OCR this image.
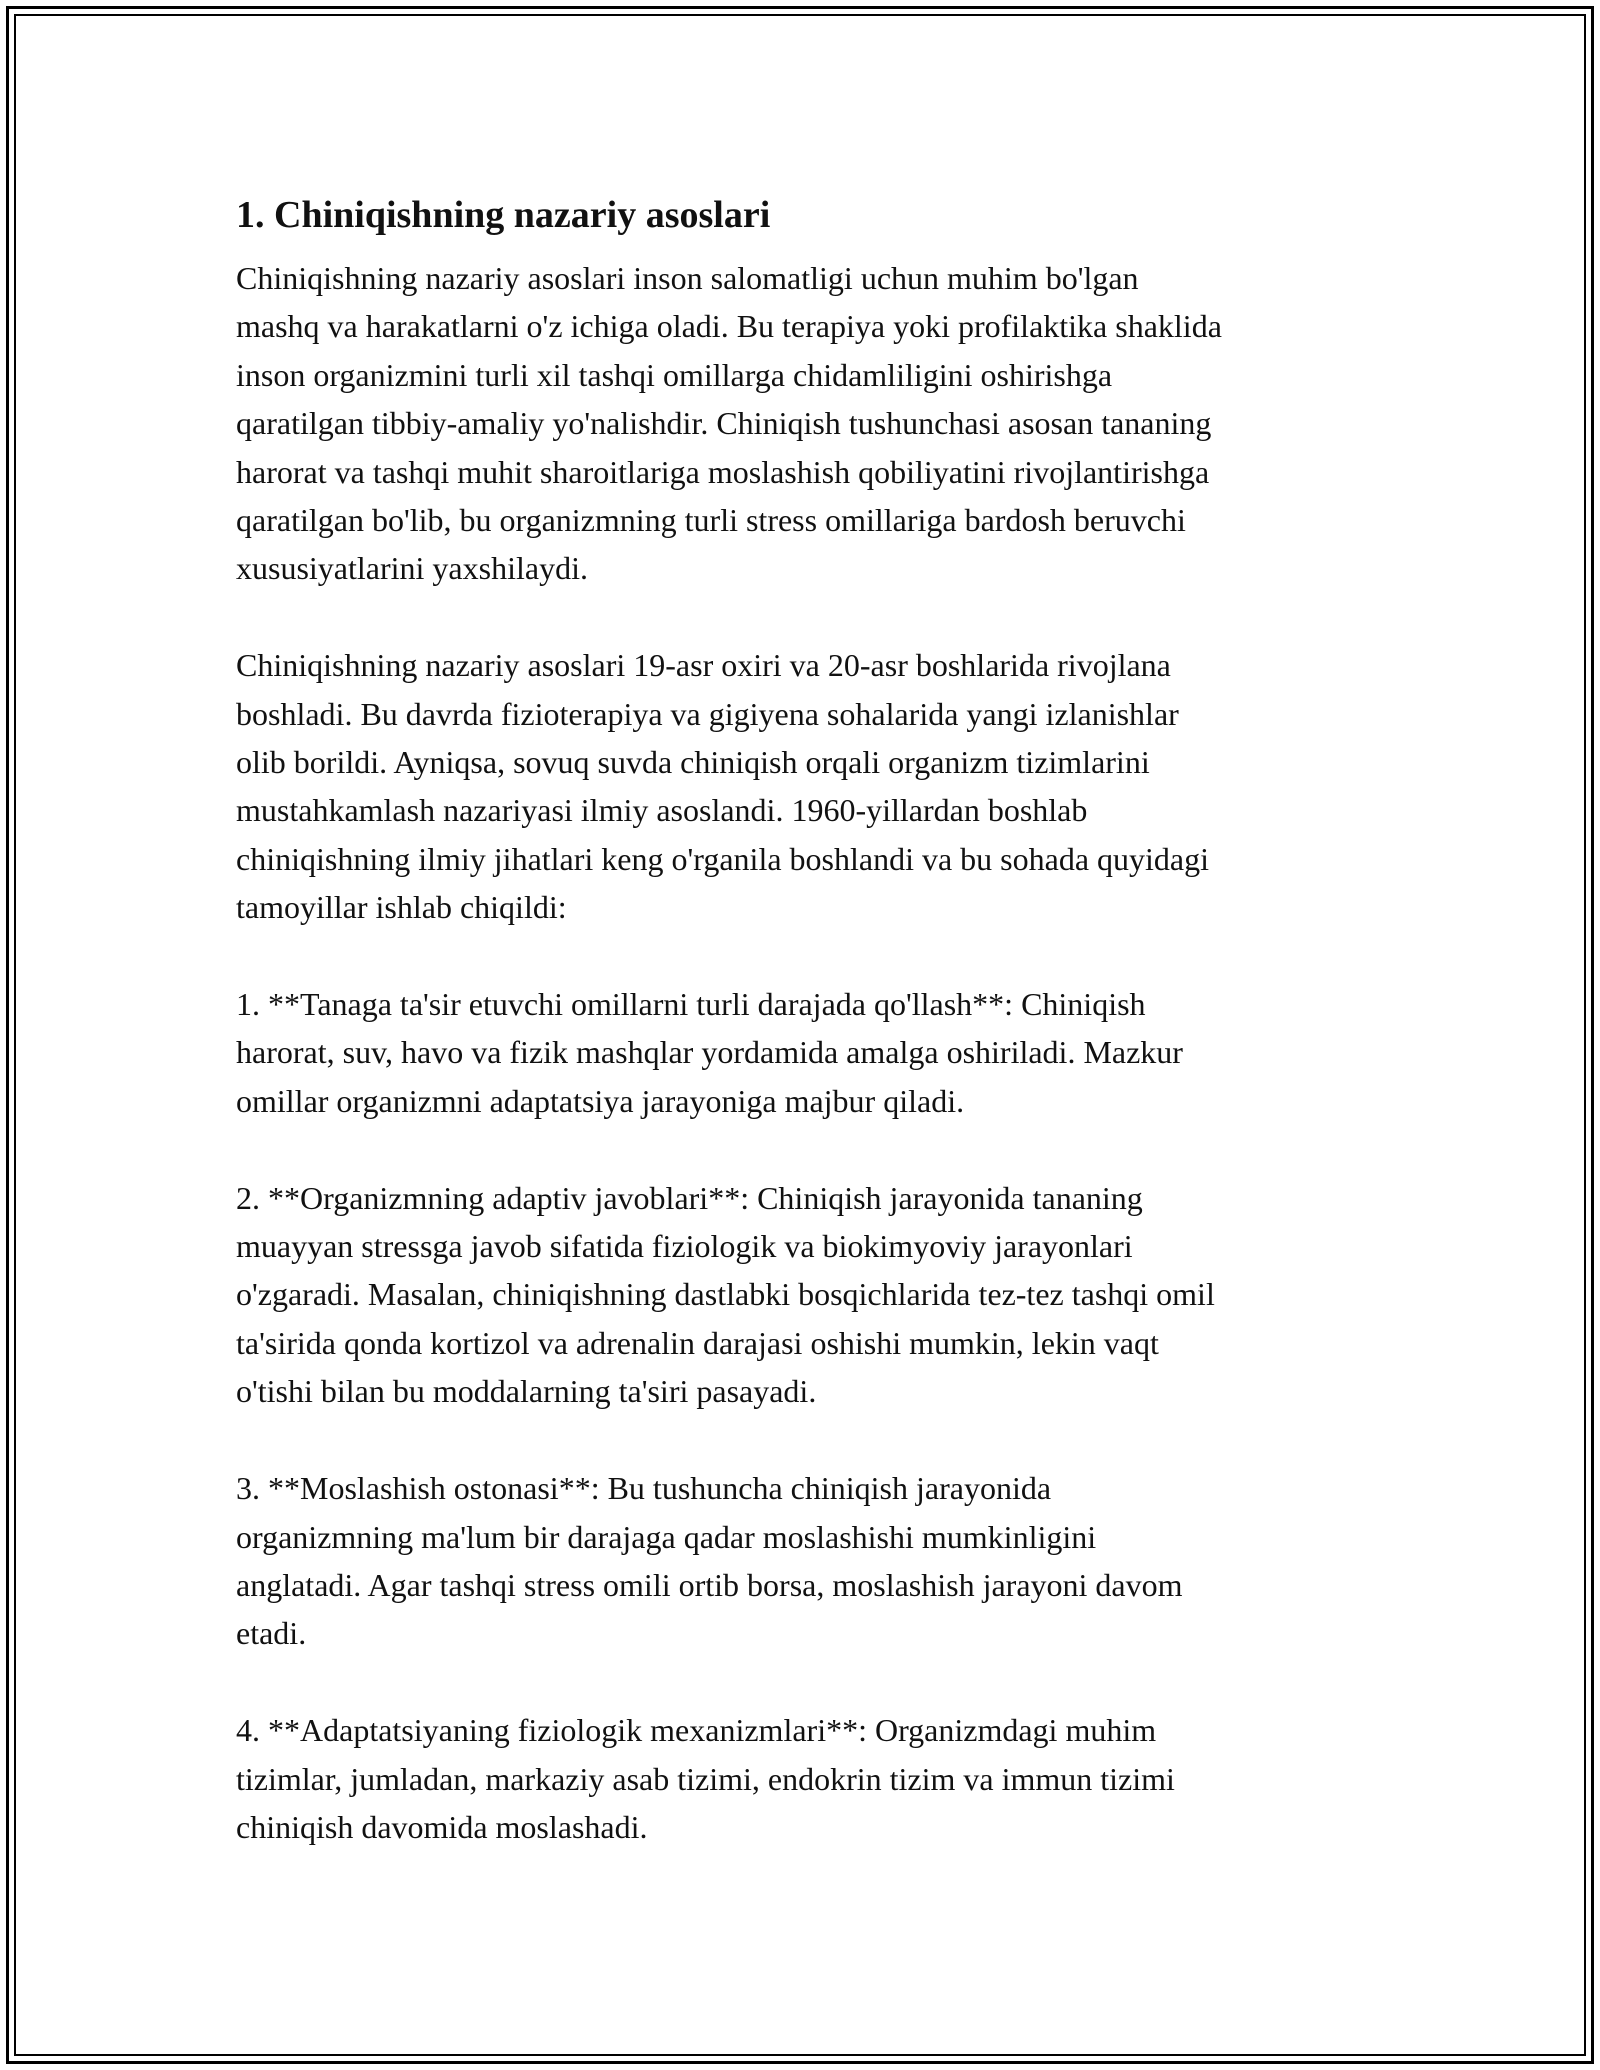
1. Chiniqishning nazariy asoslari

Chiniqishning nazariy asoslari inson salomatligi uchun muhim bo'lgan
mashq va harakatlarni o'z ichiga oladi. Bu terapiya yoki profilaktika shaklida
inson organizmini turli xil tashqi omillarga chidamliligini oshirishga
qaratilgan tibbiy-amaliy yo'nalishdir. Chiniqish tushunchasi asosan tananing
harorat va tashqi muhit sharoitlariga moslashish qobiliyatini rivojlantirishga
qaratilgan bo'lib, bu organizmning turli stress omillariga bardosh beruvchi
xususiyatlarini yaxshilaydi.

Chiniqishning nazariy asoslari 19-asr oxiri va 20-asr boshlarida rivojlana
boshladi. Bu davrda fizioterapiya va gigiyena sohalarida yangi izlanishlar
olib borildi. Ayniqsa, sovuq suvda chiniqish orqali organizm tizimlarini
mustahkamlash nazariyasi ilmiy asoslandi. 1960-yillardan boshlab
chiniqishning ilmiy jihatlari keng o'rganila boshlandi va bu sohada quyidagi
tamoyillar ishlab chiqildi:

1. **Tanaga ta'sir etuvchi omillarni turli darajada qo'llash**: Chiniqish
harorat, suv, havo va fizik mashqlar yordamida amalga oshiriladi. Mazkur
omillar organizmni adaptatsiya jarayoniga majbur qiladi.

2. **Organizmning adaptiv javoblari**: Chiniqish jarayonida tananing
muayyan stressga javob sifatida fiziologik va biokimyoviy jarayonlari
o'zgaradi. Masalan, chiniqishning dastlabki bosqichlarida tez-tez tashqi omil
ta'sirida qonda kortizol va adrenalin darajasi oshishi mumkin, lekin vaqt
o'tishi bilan bu moddalarning ta'siri pasayadi.

3. **Moslashish ostonasi**: Bu tushuncha chiniqish jarayonida
organizmning ma'lum bir darajaga qadar moslashishi mumkinligini
anglatadi. Agar tashqi stress omili ortib borsa, moslashish jarayoni davom
etadi.

4. **Adaptatsiyaning fiziologik mexanizmlari**: Organizmdagi muhim
tizimlar, jumladan, markaziy asab tizimi, endokrin tizim va immun tizimi
chiniqish davomida moslashadi.
